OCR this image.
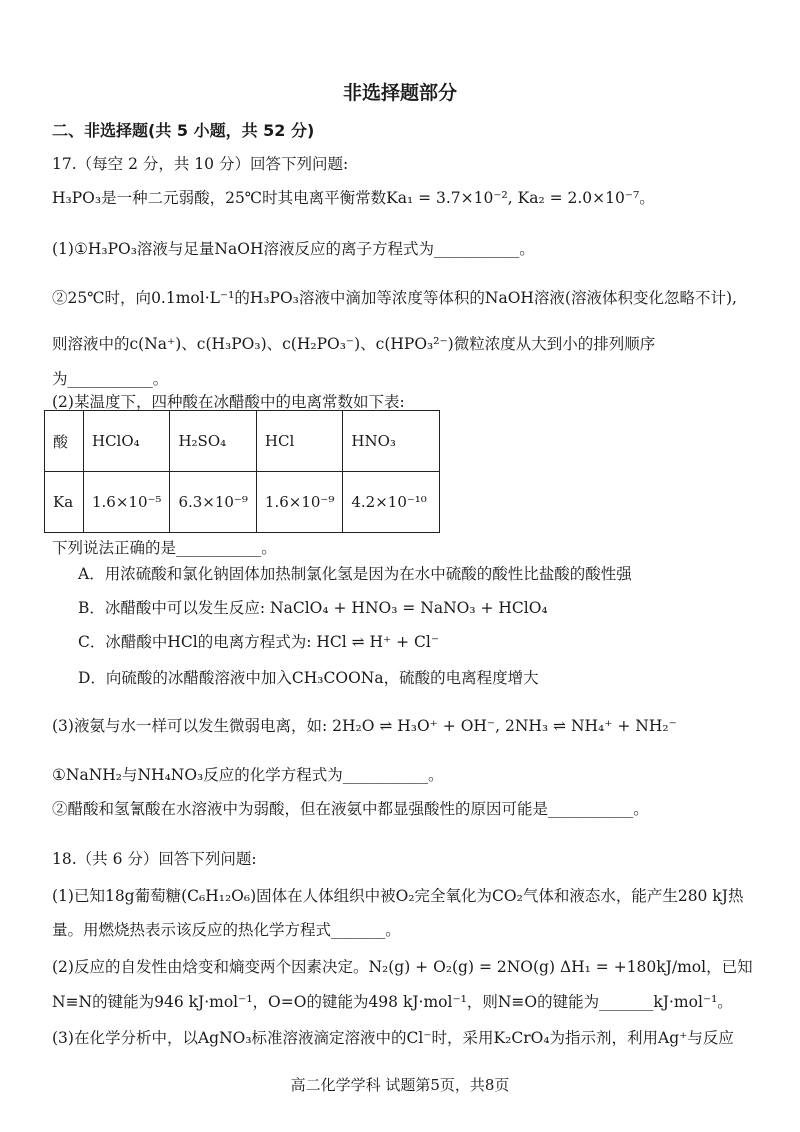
非选择题部分
二、非选择题(共 5 小题，共 52 分)
17.（每空 2 分，共 10 分）回答下列问题:
H₃PO₃是一种二元弱酸，25℃时其电离平衡常数Ka₁ = 3.7×10⁻², Ka₂ = 2.0×10⁻⁷。
(1)①H₃PO₃溶液与足量NaOH溶液反应的离子方程式为___________。
②25℃时，向0.1mol·L⁻¹的H₃PO₃溶液中滴加等浓度等体积的NaOH溶液(溶液体积变化忽略不计),
则溶液中的c(Na⁺)、c(H₃PO₃)、c(H₂PO₃⁻)、c(HPO₃²⁻)微粒浓度从大到小的排列顺序
为___________。
(2)某温度下，四种酸在冰醋酸中的电离常数如下表:
酸	HClO₄	H₂SO₄	HCl	HNO₃
Ka	1.6×10⁻⁵	6.3×10⁻⁹	1.6×10⁻⁹	4.2×10⁻¹⁰
下列说法正确的是___________。
A．用浓硫酸和氯化钠固体加热制氯化氢是因为在水中硫酸的酸性比盐酸的酸性强
B．冰醋酸中可以发生反应: NaClO₄ + HNO₃ = NaNO₃ + HClO₄
C．冰醋酸中HCl的电离方程式为: HCl ⇌ H⁺ + Cl⁻
D．向硫酸的冰醋酸溶液中加入CH₃COONa，硫酸的电离程度增大
(3)液氨与水一样可以发生微弱电离，如: 2H₂O ⇌ H₃O⁺ + OH⁻, 2NH₃ ⇌ NH₄⁺ + NH₂⁻
①NaNH₂与NH₄NO₃反应的化学方程式为___________。
②醋酸和氢氰酸在水溶液中为弱酸，但在液氨中都显强酸性的原因可能是___________。
18.（共 6 分）回答下列问题:
(1)已知18g葡萄糖(C₆H₁₂O₆)固体在人体组织中被O₂完全氧化为CO₂气体和液态水，能产生280 kJ热
量。用燃烧热表示该反应的热化学方程式_______。
(2)反应的自发性由焓变和熵变两个因素决定。N₂(g) + O₂(g) = 2NO(g) ΔH₁ = +180kJ/mol，已知
N≡N的键能为946 kJ·mol⁻¹，O=O的键能为498 kJ·mol⁻¹，则N≡O的键能为_______kJ·mol⁻¹。
(3)在化学分析中，以AgNO₃标准溶液滴定溶液中的Cl⁻时，采用K₂CrO₄为指示剂，利用Ag⁺与反应
高二化学学科 试题第5页，共8页
